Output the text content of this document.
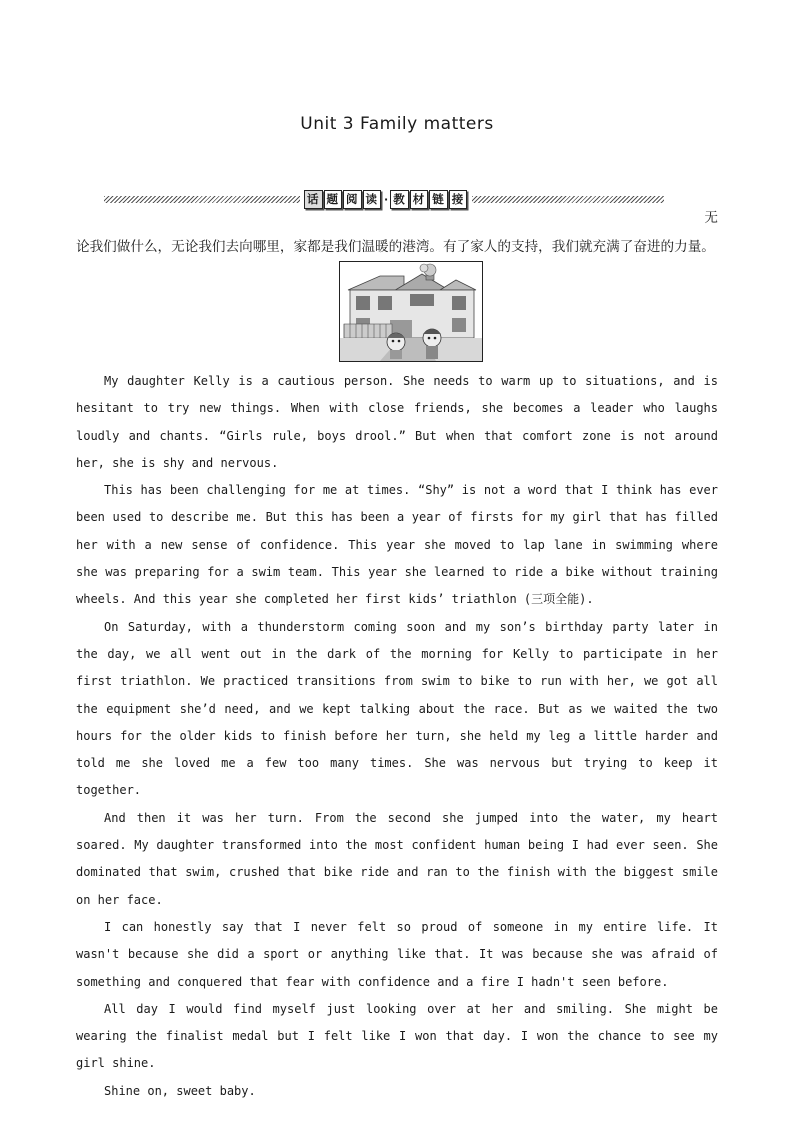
Unit 3 Family matters
话 题 阅 读 · 教 材 链 接
无论我们做什么，无论我们去向哪里，家都是我们温暖的港湾。有了家人的支持，我们就充满了奋进的力量。

My daughter Kelly is a cautious person. She needs to warm up to situations, and is hesitant to try new things. When with close friends, she becomes a leader who laughs loudly and chants. “Girls rule, boys drool.” But when that comfort zone is not around her, she is shy and nervous.

This has been challenging for me at times. “Shy” is not a word that I think has ever been used to describe me. But this has been a year of firsts for my girl that has filled her with a new sense of confidence. This year she moved to lap lane in swimming where she was preparing for a swim team. This year she learned to ride a bike without training wheels. And this year she completed her first kids’ triathlon (三项全能).

On Saturday, with a thunderstorm coming soon and my son’s birthday party later in the day, we all went out in the dark of the morning for Kelly to participate in her first triathlon. We practiced transitions from swim to bike to run with her, we got all the equipment she’d need, and we kept talking about the race. But as we waited the two hours for the older kids to finish before her turn, she held my leg a little harder and told me she loved me a few too many times. She was nervous but trying to keep it together.

And then it was her turn. From the second she jumped into the water, my heart soared. My daughter transformed into the most confident human being I had ever seen. She dominated that swim, crushed that bike ride and ran to the finish with the biggest smile on her face.

I can honestly say that I never felt so proud of someone in my entire life. It wasn't because she did a sport or anything like that. It was because she was afraid of something and conquered that fear with confidence and a fire I hadn't seen before.

All day I would find myself just looking over at her and smiling. She might be wearing the finalist medal but I felt like I won that day. I won the chance to see my girl shine.

Shine on, sweet baby.
